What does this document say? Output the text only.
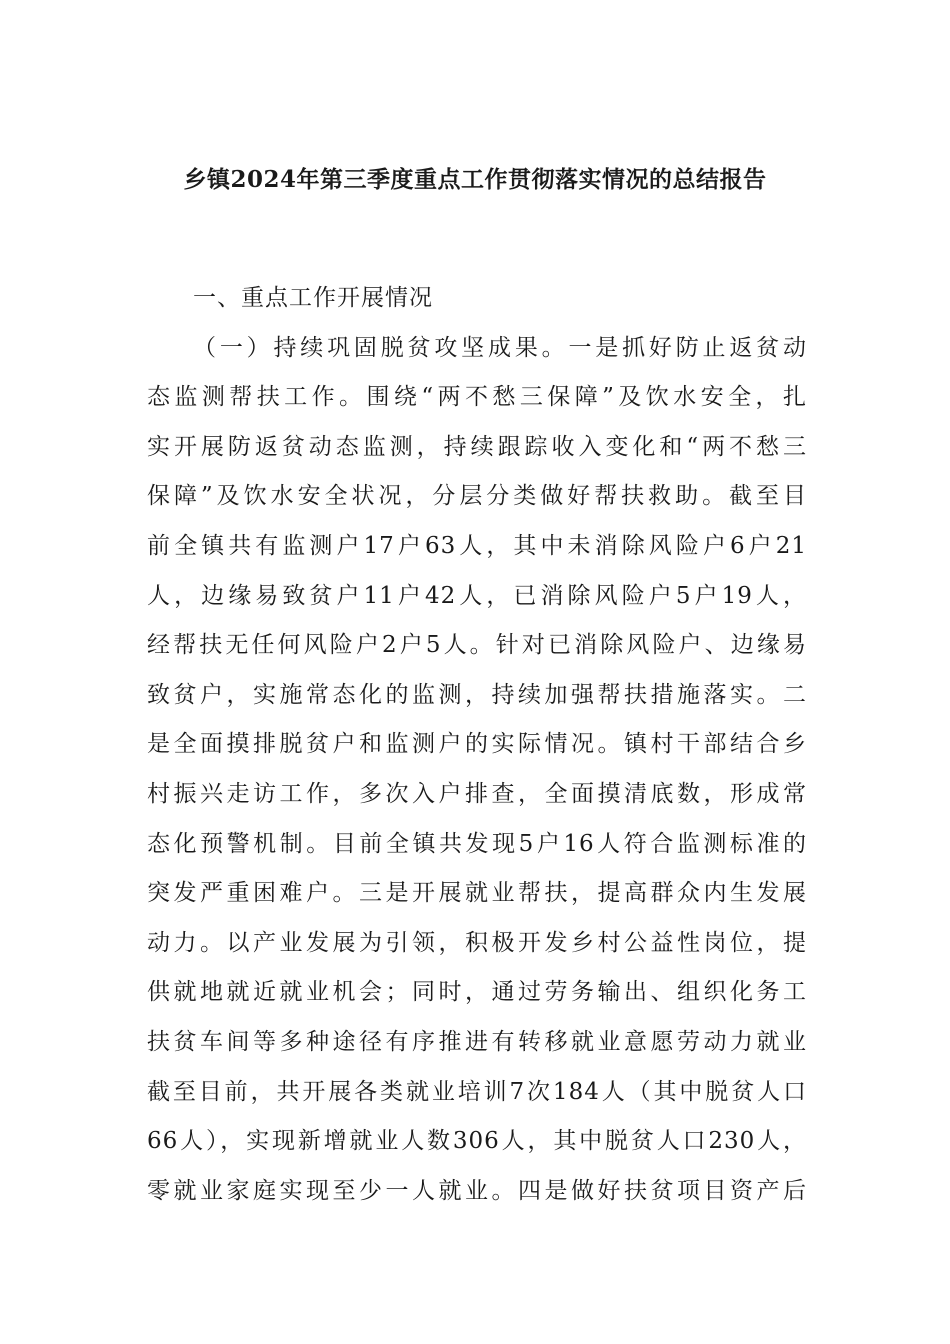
乡镇2024年第三季度重点工作贯彻落实情况的总结报告
一、重点工作开展情况
（一）持续巩固脱贫攻坚成果。一是抓好防止返贫动
态监测帮扶工作。围绕“两不愁三保障”及饮水安全，扎
实开展防返贫动态监测，持续跟踪收入变化和“两不愁三
保障”及饮水安全状况，分层分类做好帮扶救助。截至目
前全镇共有监测户17户63人，其中未消除风险户6户21
人，边缘易致贫户11户42人，已消除风险户5户19人，
经帮扶无任何风险户2户5人。针对已消除风险户、边缘易
致贫户，实施常态化的监测，持续加强帮扶措施落实。二
是全面摸排脱贫户和监测户的实际情况。镇村干部结合乡
村振兴走访工作，多次入户排查，全面摸清底数，形成常
态化预警机制。目前全镇共发现5户16人符合监测标准的
突发严重困难户。三是开展就业帮扶，提高群众内生发展
动力。以产业发展为引领，积极开发乡村公益性岗位，提
供就地就近就业机会；同时，通过劳务输出、组织化务工
扶贫车间等多种途径有序推进有转移就业意愿劳动力就业
截至目前，共开展各类就业培训7次184人（其中脱贫人口
66人），实现新增就业人数306人，其中脱贫人口230人，
零就业家庭实现至少一人就业。四是做好扶贫项目资产后
